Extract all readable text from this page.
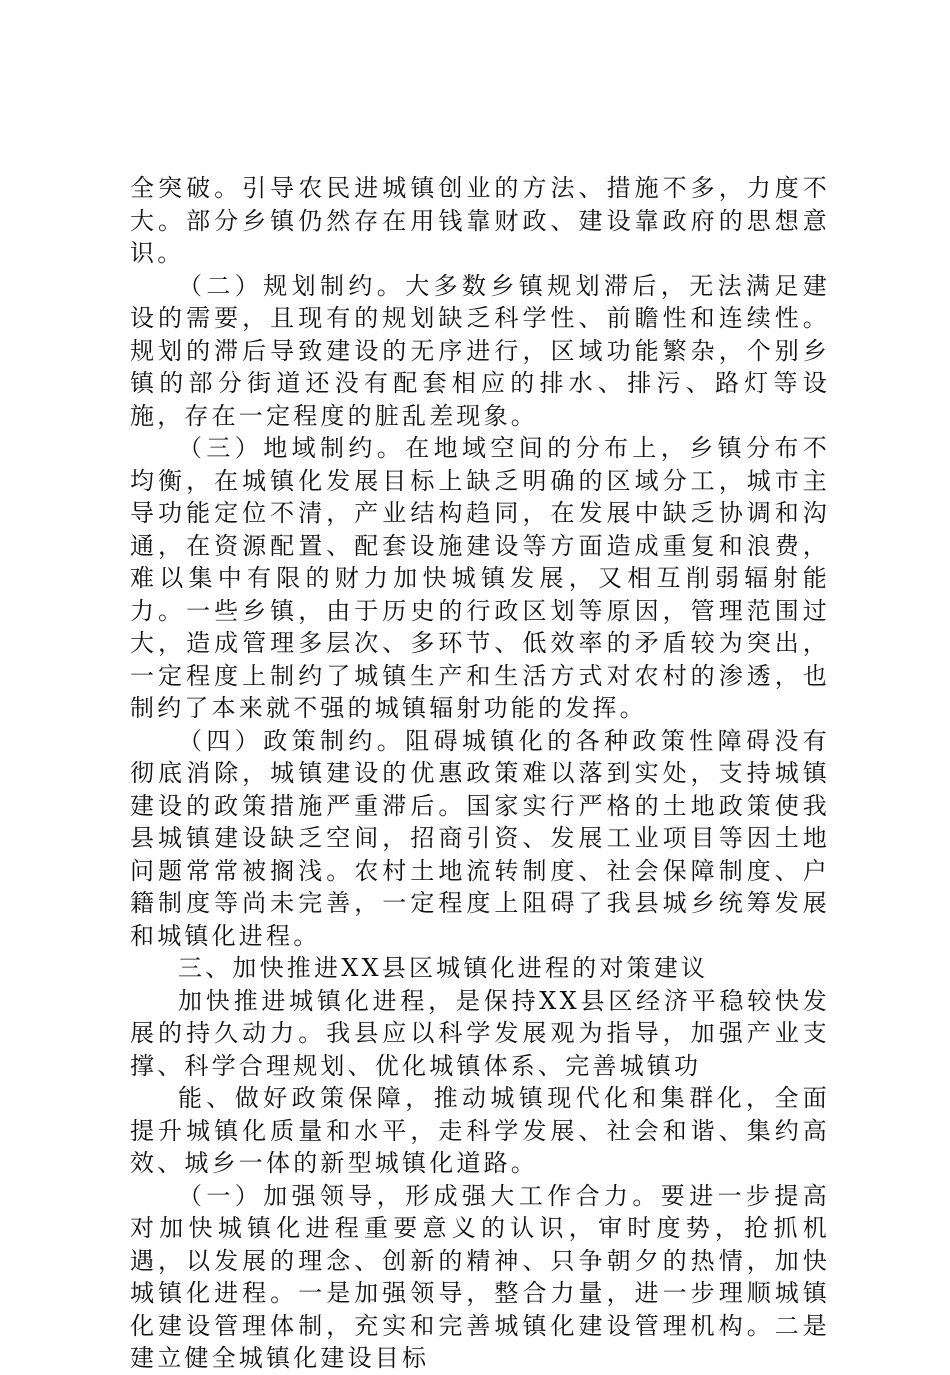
全突破。引导农民进城镇创业的方法、措施不多，力度不大。部分乡镇仍然存在用钱靠财政、建设靠政府的思想意识。

（二）规划制约。大多数乡镇规划滞后，无法满足建设的需要，且现有的规划缺乏科学性、前瞻性和连续性。规划的滞后导致建设的无序进行，区域功能繁杂，个别乡镇的部分街道还没有配套相应的排水、排污、路灯等设施，存在一定程度的脏乱差现象。

（三）地域制约。在地域空间的分布上，乡镇分布不均衡，在城镇化发展目标上缺乏明确的区域分工，城市主导功能定位不清，产业结构趋同，在发展中缺乏协调和沟通，在资源配置、配套设施建设等方面造成重复和浪费，难以集中有限的财力加快城镇发展，又相互削弱辐射能力。一些乡镇，由于历史的行政区划等原因，管理范围过大，造成管理多层次、多环节、低效率的矛盾较为突出，一定程度上制约了城镇生产和生活方式对农村的渗透，也制约了本来就不强的城镇辐射功能的发挥。

（四）政策制约。阻碍城镇化的各种政策性障碍没有彻底消除，城镇建设的优惠政策难以落到实处，支持城镇建设的政策措施严重滞后。国家实行严格的土地政策使我县城镇建设缺乏空间，招商引资、发展工业项目等因土地问题常常被搁浅。农村土地流转制度、社会保障制度、户籍制度等尚未完善，一定程度上阻碍了我县城乡统筹发展和城镇化进程。

三、加快推进XX县区城镇化进程的对策建议

加快推进城镇化进程，是保持XX县区经济平稳较快发展的持久动力。我县应以科学发展观为指导，加强产业支撑、科学合理规划、优化城镇体系、完善城镇功

能、做好政策保障，推动城镇现代化和集群化，全面提升城镇化质量和水平，走科学发展、社会和谐、集约高效、城乡一体的新型城镇化道路。

（一）加强领导，形成强大工作合力。要进一步提高对加快城镇化进程重要意义的认识，审时度势，抢抓机遇，以发展的理念、创新的精神、只争朝夕的热情，加快城镇化进程。一是加强领导，整合力量，进一步理顺城镇化建设管理体制，充实和完善城镇化建设管理机构。二是建立健全城镇化建设目标
